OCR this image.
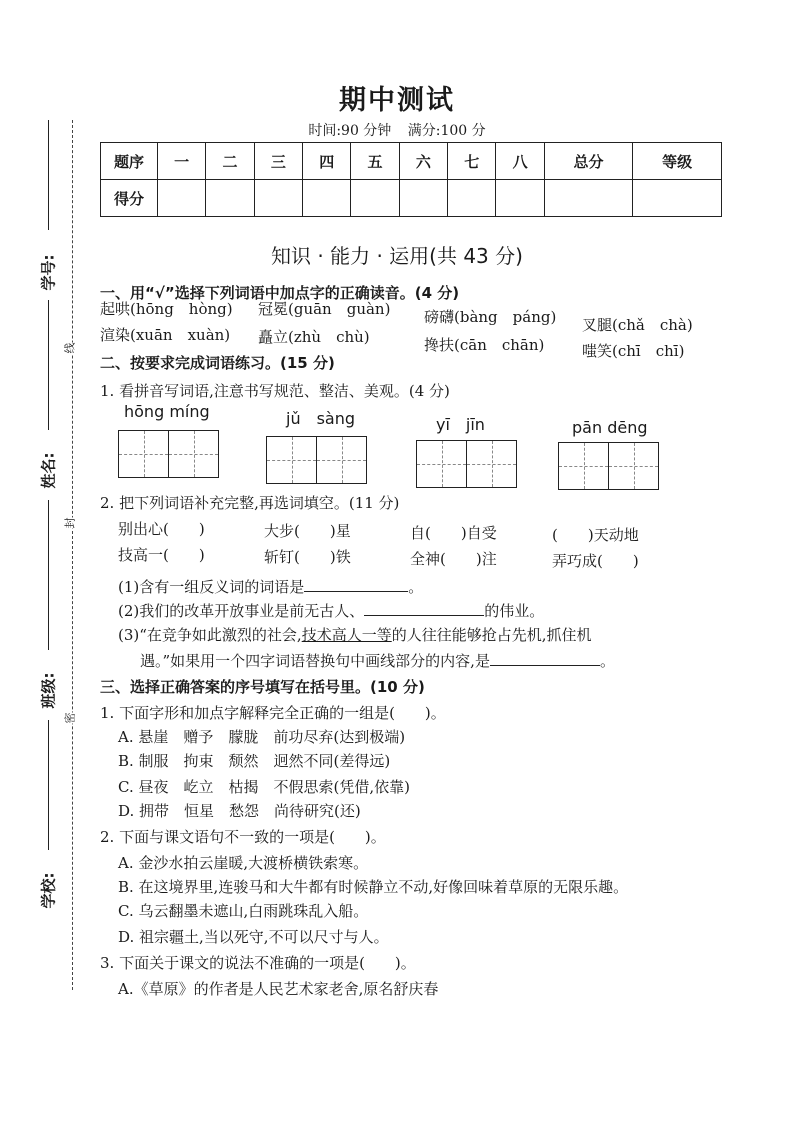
学号:
姓名:
班级:
学校:
线
封
密
期中测试
时间:90 分钟 满分:100 分
题序	一	二	三	四	五	六	七	八	总分	等级
得分										
知识 · 能力 · 运用(共 43 分)
一、用“√”选择下列词语中加点字的正确读音。(4 分)
起哄(hōng　hòng) 冠冕(guān　guàn) 磅礴(bàng　páng) 叉腿(chǎ　chà)
渲染(xuān　xuàn) 矗立(zhù　chù)	搀扶(cān　chān)	嗤笑(chī　chī)
二、按要求完成词语练习。(15 分)
1. 看拼音写词语,注意书写规范、整洁、美观。(4 分)
hōng míng	jǔ　sàng	yī　jīn	pān dēng
2. 把下列词语补充完整,再选词填空。(11 分)
别出心(　　)	大步(　　)星	自(　　)自受	(　　)天动地
技高一(　　)	斩钉(　　)铁	全神(　　)注	弄巧成(　　)
(1)含有一组反义词的词语是	。
(2)我们的改革开放事业是前无古人、	的伟业。
(3)“在竞争如此激烈的社会,技术高人一等的人往往能够抢占先机,抓住机
遇。”如果用一个四字词语替换句中画线部分的内容,是	。
三、选择正确答案的序号填写在括号里。(10 分)
1. 下面字形和加点字解释完全正确的一组是(　　)。
A. 悬崖　赠予　朦胧　前功尽弃(达到极端)
B. 制服　拘束　颓然　迥然不同(差得远)
C. 昼夜　屹立　枯揭　不假思索(凭借,依靠)
D. 拥带　恒星　愁怨　尚待研究(还)
2. 下面与课文语句不一致的一项是(　　)。
A. 金沙水拍云崖暖,大渡桥横铁索寒。
B. 在这境界里,连骏马和大牛都有时候静立不动,好像回味着草原的无限乐趣。
C. 乌云翻墨未遮山,白雨跳珠乱入船。
D. 祖宗疆土,当以死守,不可以尺寸与人。
3. 下面关于课文的说法不准确的一项是(　　)。
A.《草原》的作者是人民艺术家老舍,原名舒庆春
